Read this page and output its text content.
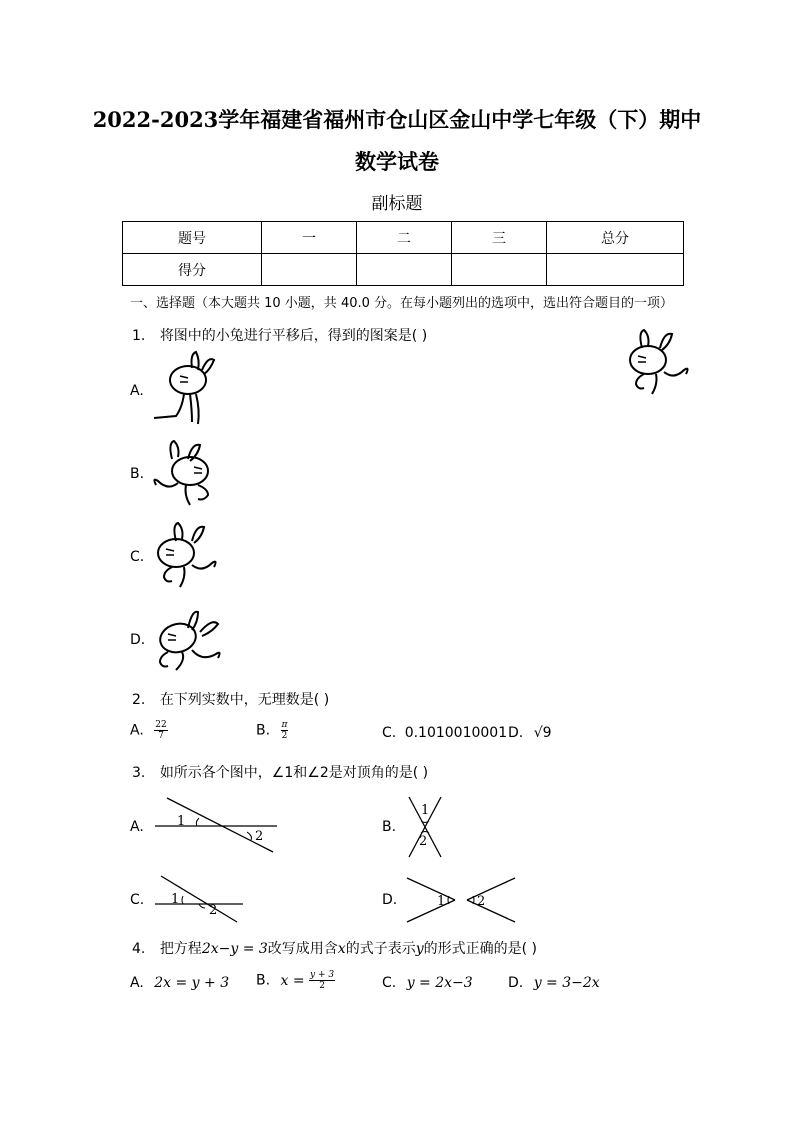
2022-2023学年福建省福州市仓山区金山中学七年级（下）期中
数学试卷
副标题
题号	一	二	三	总分
得分				
一、选择题（本大题共 10 小题，共 40.0 分。在每小题列出的选项中，选出符合题目的一项）
1. 将图中的小兔进行平移后，得到的图案是( )
A.
B.
C.
D.
2. 在下列实数中，无理数是( )
A. $\frac{22}{7}$	B. $\frac{\pi}{2}$	C. 0.1010010001 D. √9
3. 如所示各个图中，∠1和∠2是对顶角的是( )
A.	1
2
B.
1
2
C. 1
2
D.	1 2
4. 把方程2x−y = 3改写成用含x的式子表示y的形式正确的是( )
A. 2x = y + 3 B. $x = \frac{y + 3}{2}$	C. y = 2x−3	D. y = 3−2x
